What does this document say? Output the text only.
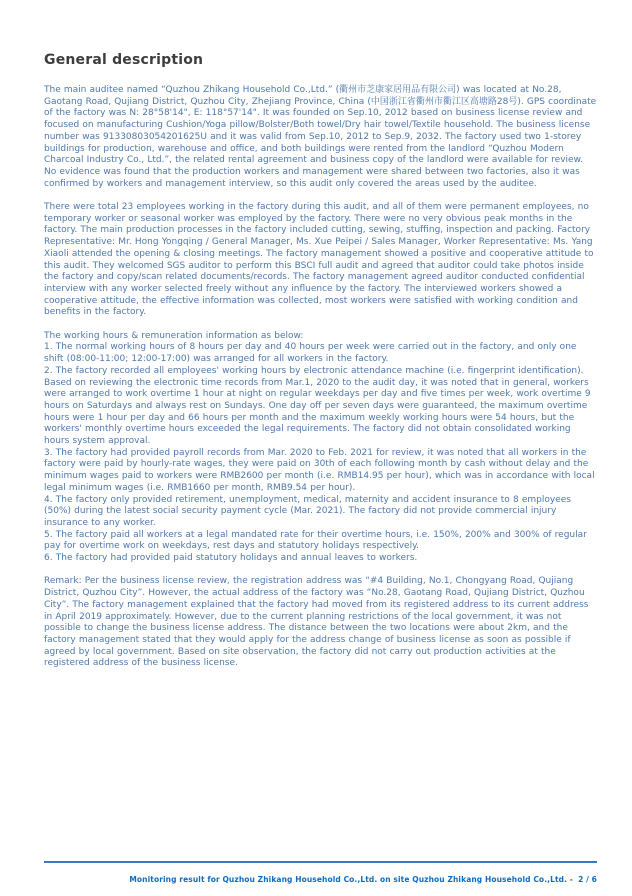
General description

The main auditee named “Quzhou Zhikang Household Co.,Ltd.” (衢州市芝康家居用品有限公司) was located at No.28, Gaotang Road, Qujiang District, Quzhou City, Zhejiang Province, China (中国浙江省衢州市衢江区高塘路28号). GPS coordinate of the factory was N: 28°58'14", E: 118°57'14". It was founded on Sep.10, 2012 based on business license review and focused on manufacturing Cushion/Yoga pillow/Bolster/Both towel/Dry hair towel/Textile household. The business license number was 91330803054201625U and it was valid from Sep.10, 2012 to Sep.9, 2032. The factory used two 1-storey buildings for production, warehouse and office, and both buildings were rented from the landlord “Quzhou Modern Charcoal Industry Co., Ltd.”, the related rental agreement and business copy of the landlord were available for review. No evidence was found that the production workers and management were shared between two factories, also it was confirmed by workers and management interview, so this audit only covered the areas used by the auditee.

There were total 23 employees working in the factory during this audit, and all of them were permanent employees, no temporary worker or seasonal worker was employed by the factory. There were no very obvious peak months in the factory. The main production processes in the factory included cutting, sewing, stuffing, inspection and packing. Factory Representative: Mr. Hong Yongqing / General Manager, Ms. Xue Peipei / Sales Manager, Worker Representative: Ms. Yang Xiaoli attended the opening & closing meetings. The factory management showed a positive and cooperative attitude to this audit. They welcomed SGS auditor to perform this BSCI full audit and agreed that auditor could take photos inside the factory and copy/scan related documents/records. The factory management agreed auditor conducted confidential interview with any worker selected freely without any influence by the factory. The interviewed workers showed a cooperative attitude, the effective information was collected, most workers were satisfied with working condition and benefits in the factory.

The working hours & remuneration information as below:
1. The normal working hours of 8 hours per day and 40 hours per week were carried out in the factory, and only one shift (08:00-11:00; 12:00-17:00) was arranged for all workers in the factory.
2. The factory recorded all employees' working hours by electronic attendance machine (i.e. fingerprint identification). Based on reviewing the electronic time records from Mar.1, 2020 to the audit day, it was noted that in general, workers were arranged to work overtime 1 hour at night on regular weekdays per day and five times per week, work overtime 9 hours on Saturdays and always rest on Sundays. One day off per seven days were guaranteed, the maximum overtime hours were 1 hour per day and 66 hours per month and the maximum weekly working hours were 54 hours, but the workers' monthly overtime hours exceeded the legal requirements. The factory did not obtain consolidated working hours system approval.
3. The factory had provided payroll records from Mar. 2020 to Feb. 2021 for review, it was noted that all workers in the factory were paid by hourly-rate wages, they were paid on 30th of each following month by cash without delay and the minimum wages paid to workers were RMB2600 per month (i.e. RMB14.95 per hour), which was in accordance with local legal minimum wages (i.e. RMB1660 per month, RMB9.54 per hour).
4. The factory only provided retirement, unemployment, medical, maternity and accident insurance to 8 employees (50%) during the latest social security payment cycle (Mar. 2021). The factory did not provide commercial injury insurance to any worker.
5. The factory paid all workers at a legal mandated rate for their overtime hours, i.e. 150%, 200% and 300% of regular pay for overtime work on weekdays, rest days and statutory holidays respectively.
6. The factory had provided paid statutory holidays and annual leaves to workers.

Remark: Per the business license review, the registration address was “#4 Building, No.1, Chongyang Road, Qujiang District, Quzhou City”. However, the actual address of the factory was “No.28, Gaotang Road, Qujiang District, Quzhou City”. The factory management explained that the factory had moved from its registered address to its current address in April 2019 approximately. However, due to the current planning restrictions of the local government, it was not possible to change the business license address. The distance between the two locations were about 2km, and the factory management stated that they would apply for the address change of business license as soon as possible if agreed by local government. Based on site observation, the factory did not carry out production activities at the registered address of the business license.

Monitoring result for Quzhou Zhikang Household Co.,Ltd. on site Quzhou Zhikang Household Co.,Ltd. - 2 / 6
